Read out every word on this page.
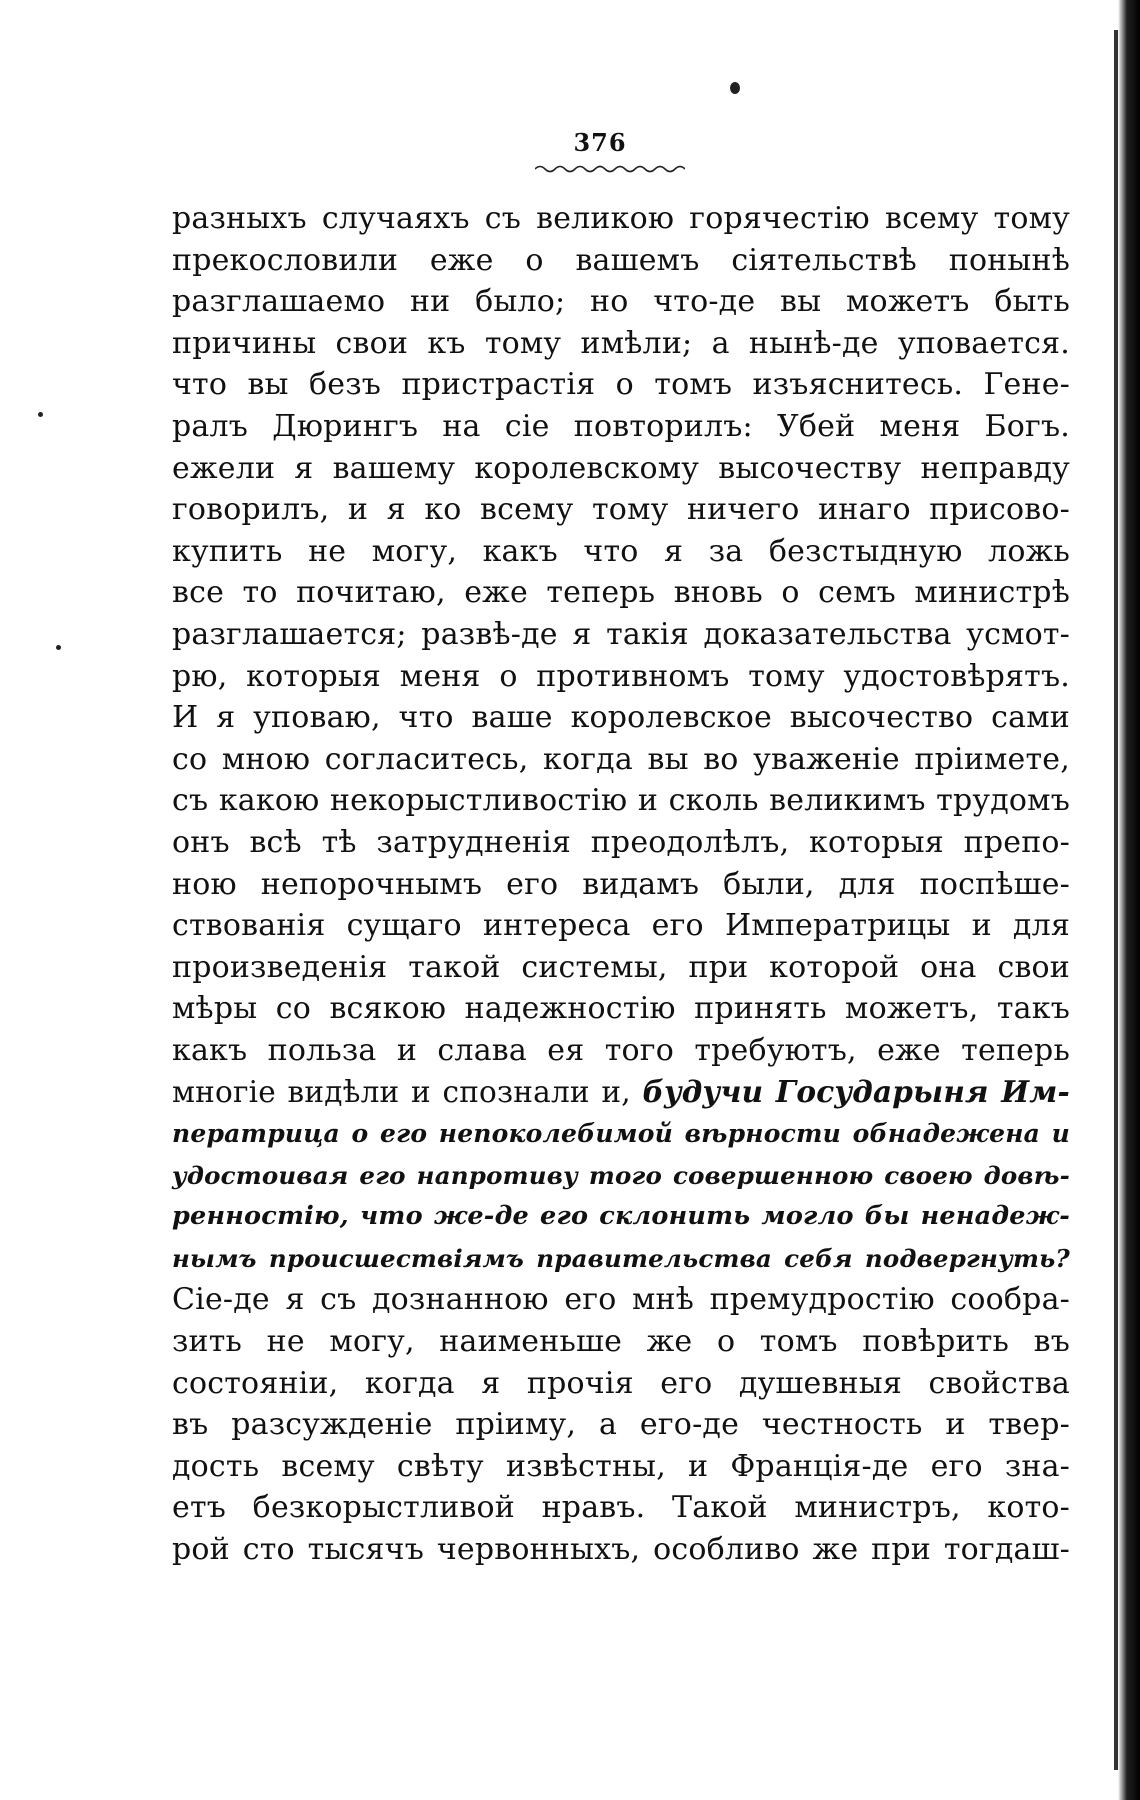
376
разныхъ случаяхъ съ великою горячестію всему тому
прекословили еже о вашемъ сіятельствѣ понынѣ
разглашаемо ни было; но что-де вы можетъ быть
причины свои къ тому имѣли; а нынѣ-де уповается.
что вы безъ пристрастія о томъ изъяснитесь. Гене-
ралъ Дюрингъ на сіе повторилъ: Убей меня Богъ.
ежели я вашему королевскому высочеству неправду
говорилъ, и я ко всему тому ничего инаго присово-
купить не могу, какъ что я за безстыдную ложь
все то почитаю, еже теперь вновь о семъ министрѣ
разглашается; развѣ-де я такія доказательства усмот-
рю, которыя меня о противномъ тому удостовѣрятъ.
И я уповаю, что ваше королевское высочество сами
со мною согласитесь, когда вы во уваженіе пріимете,
съ какою некорыстливостію и сколь великимъ трудомъ
онъ всѣ тѣ затрудненія преодолѣлъ, которыя препо-
ною непорочнымъ его видамъ были, для поспѣше-
ствованія сущаго интереса его Императрицы и для
произведенія такой системы, при которой она свои
мѣры со всякою надежностію принять можетъ, такъ
какъ польза и слава ея того требуютъ, еже теперь
многіе видѣли и спознали и, будучи Государыня Им-
ператрица о его непоколебимой вѣрности обнадежена и
удостоивая его напротиву того совершенною своею довѣ-
ренностію, что же-де его склонить могло бы ненадеж-
нымъ происшествіямъ правительства себя подвергнуть?
Сіе-де я съ дознанною его мнѣ премудростію сообра-
зить не могу, наименьше же о томъ повѣрить въ
состояніи, когда я прочія его душевныя свойства
въ разсужденіе пріиму, а его-де честность и твер-
дость всему свѣту извѣстны, и Франція-де его зна-
етъ безкорыстливой нравъ. Такой министръ, кото-
рой сто тысячъ червонныхъ, особливо же при тогдаш-
